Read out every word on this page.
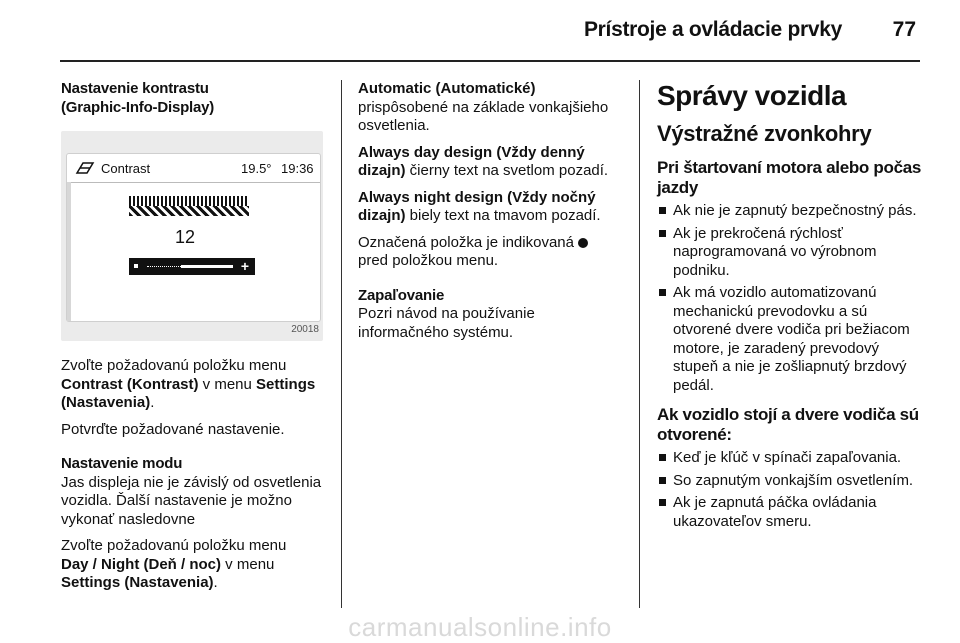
Prístroje a ovládacie prvky 77

Nastavenie kontrastu

(Graphic-Info-Display)

Contrast	19.5° 19:36
12
+
20018

Zvoľte požadovanú položku menu
Contrast (Kontrast) v menu Settings (Nastavenia).

Potvrďte požadované nastavenie.

Nastavenie modu

Jas displeja nie je závislý od osvetlenia vozidla. Ďalší nastavenie je možno vykonať nasledovne

Zvoľte požadovanú položku menu
Day / Night (Deň / noc) v menu
Settings (Nastavenia).

Automatic (Automatické)
prispôsobené na základe vonkajšieho osvetlenia.

Always day design (Vždy denný dizajn) čierny text na svetlom pozadí.

Always night design (Vždy nočný dizajn) biely text na tmavom pozadí.

Označená položka je indikovaná
pred položkou menu.

Zapaľovanie

Pozri návod na používanie informačného systému.

Správy vozidla
Výstražné zvonkohry
Pri štartovaní motora alebo počas jazdy
Ak nie je zapnutý bezpečnostný pás.
Ak je prekročená rýchlosť naprogramovaná vo výrobnom podniku.
Ak má vozidlo automatizovanú mechanickú prevodovku a sú otvorené dvere vodiča pri bežiacom motore, je zaradený prevodový stupeň a nie je zošliapnutý brzdový pedál.
Ak vozidlo stojí a dvere vodiča sú otvorené:
Keď je kľúč v spínači zapaľovania.
So zapnutým vonkajším osvetlením.
Ak je zapnutá páčka ovládania ukazovateľov smeru.
carmanualsonline.info
